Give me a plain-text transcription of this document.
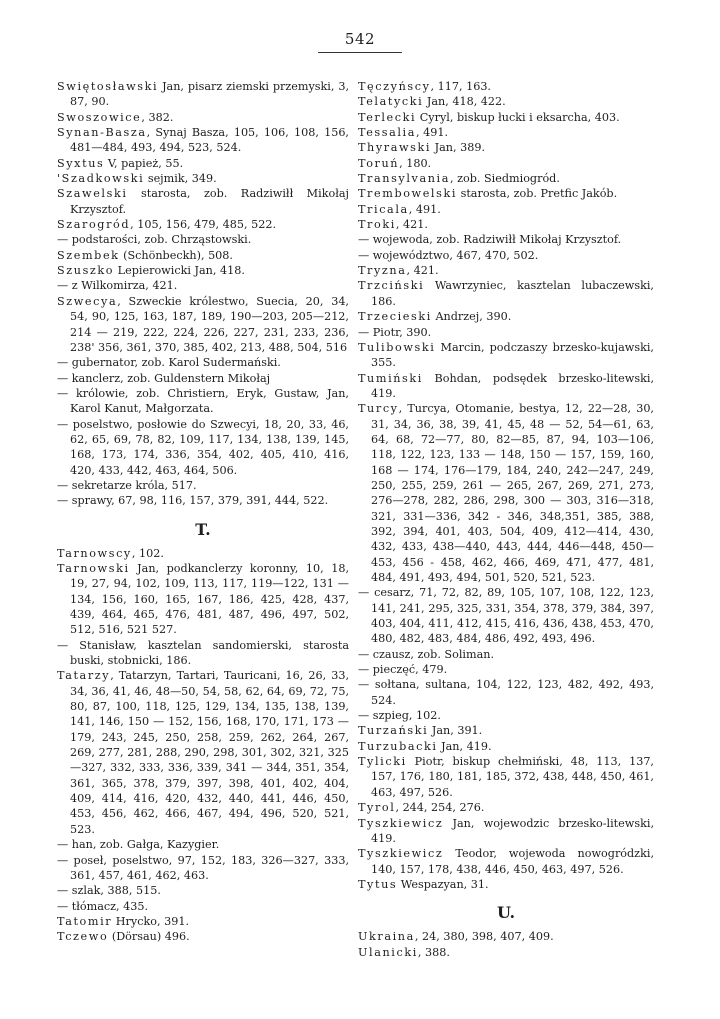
542
Swiętosławski Jan, pisarz ziemski przemyski, 3, 87, 90.
Swoszowice, 382.
Synan-Basza, Synaj Basza, 105, 106, 108, 156, 481—484, 493, 494, 523, 524.
Syxtus V, papież, 55.
'Szadkowski sejmik, 349.
Szawelski starosta, zob. Radziwiłł Mikołaj Krzysztof.
Szarogród, 105, 156, 479, 485, 522.
— podstarości, zob. Chrząstowski.
Szembek (Schönbeckh), 508.
Szuszko Lepierowicki Jan, 418.
— z Wilkomirza, 421.
Szwecya, Szweckie królestwo, Suecia, 20, 34, 54, 90, 125, 163, 187, 189, 190—203, 205—212, 214 — 219, 222, 224, 226, 227, 231, 233, 236, 238' 356, 361, 370, 385, 402, 213, 488, 504, 516
— gubernator, zob. Karol Sudermański.
— kanclerz, zob. Guldenstern Mikołaj
— królowie, zob. Christiern, Eryk, Gustaw, Jan, Karol Kanut, Małgorzata.
— poselstwo, posłowie do Szwecyi, 18, 20, 33, 46, 62, 65, 69, 78, 82, 109, 117, 134, 138, 139, 145, 168, 173, 174, 336, 354, 402, 405, 410, 416, 420, 433, 442, 463, 464, 506.
— sekretarze króla, 517.
— sprawy, 67, 98, 116, 157, 379, 391, 444, 522.
T.
Tarnowscy, 102.
Tarnowski Jan, podkanclerzy koronny, 10, 18, 19, 27, 94, 102, 109, 113, 117, 119—122, 131 — 134, 156, 160, 165, 167, 186, 425, 428, 437, 439, 464, 465, 476, 481, 487, 496, 497, 502, 512, 516, 521 527.
— Stanisław, kasztelan sandomierski, starosta buski, stobnicki, 186.
Tatarzy, Tatarzyn, Tartari, Tauricani, 16, 26, 33, 34, 36, 41, 46, 48—50, 54, 58, 62, 64, 69, 72, 75, 80, 87, 100, 118, 125, 129, 134, 135, 138, 139, 141, 146, 150 — 152, 156, 168, 170, 171, 173 — 179, 243, 245, 250, 258, 259, 262, 264, 267, 269, 277, 281, 288, 290, 298, 301, 302, 321, 325—327, 332, 333, 336, 339, 341 — 344, 351, 354, 361, 365, 378, 379, 397, 398, 401, 402, 404, 409, 414, 416, 420, 432, 440, 441, 446, 450, 453, 456, 462, 466, 467, 494, 496, 520, 521, 523.
— han, zob. Gałga, Kazygier.
— poseł, poselstwo, 97, 152, 183, 326—327, 333, 361, 457, 461, 462, 463.
— szlak, 388, 515.
— tłómacz, 435.
Tatomir Hrycko, 391.
Tczewo (Dörsau) 496.
Tęczyńscy, 117, 163.
Telatycki Jan, 418, 422.
Terlecki Cyryl, biskup łucki i eksarcha, 403.
Tessalia, 491.
Thyrawski Jan, 389.
Toruń, 180.
Transylvania, zob. Siedmiogród.
Trembowelski starosta, zob. Pretfic Jakób.
Tricala, 491.
Troki, 421.
— wojewoda, zob. Radziwiłł Mikołaj Krzysztof.
— województwo, 467, 470, 502.
Tryzna, 421.
Trzciński Wawrzyniec, kasztelan lubaczewski, 186.
Trzecieski Andrzej, 390.
— Piotr, 390.
Tulibowski Marcin, podczaszy brzesko-kujawski, 355.
Tumiński Bohdan, podsędek brzesko-litewski, 419.
Turcy, Turcya, Otomanie, bestya, 12, 22—28, 30, 31, 34, 36, 38, 39, 41, 45, 48 — 52, 54—61, 63, 64, 68, 72—77, 80, 82—85, 87, 94, 103—106, 118, 122, 123, 133 — 148, 150 — 157, 159, 160, 168 — 174, 176—179, 184, 240, 242—247, 249, 250, 255, 259, 261 — 265, 267, 269, 271, 273, 276—278, 282, 286, 298, 300 — 303, 316—318, 321, 331—336, 342 - 346, 348,351, 385, 388, 392, 394, 401, 403, 504, 409, 412—414, 430, 432, 433, 438—440, 443, 444, 446—448, 450—453, 456 - 458, 462, 466, 469, 471, 477, 481, 484, 491, 493, 494, 501, 520, 521, 523.
— cesarz, 71, 72, 82, 89, 105, 107, 108, 122, 123, 141, 241, 295, 325, 331, 354, 378, 379, 384, 397, 403, 404, 411, 412, 415, 416, 436, 438, 453, 470, 480, 482, 483, 484, 486, 492, 493, 496.
— czausz, zob. Soliman.
— pieczęć, 479.
— sołtana, sultana, 104, 122, 123, 482, 492, 493, 524.
— szpieg, 102.
Turzański Jan, 391.
Turzubacki Jan, 419.
Tylicki Piotr, biskup chełmiński, 48, 113, 137, 157, 176, 180, 181, 185, 372, 438, 448, 450, 461, 463, 497, 526.
Tyrol, 244, 254, 276.
Tyszkiewicz Jan, wojewodzic brzesko-litewski, 419.
Tyszkiewicz Teodor, wojewoda nowogródzki, 140, 157, 178, 438, 446, 450, 463, 497, 526.
Tytus Wespazyan, 31.
U.
Ukraina, 24, 380, 398, 407, 409.
Ulanicki, 388.
